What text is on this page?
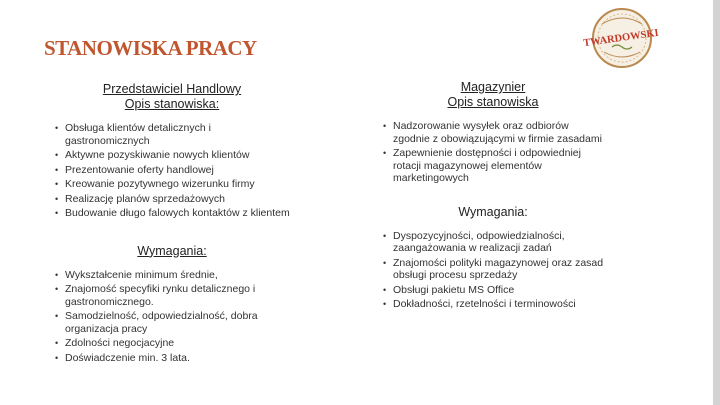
STANOWISKA PRACY	TWARDOWSKI
Przedstawiciel Handlowy
Opis stanowiska:
• Obsługa klientów detalicznych i gastronomicznych
• Aktywne pozyskiwanie nowych klientów
• Prezentowanie oferty handlowej
• Kreowanie pozytywnego wizerunku firmy
• Realizację planów sprzedażowych
• Budowanie długo falowych kontaktów z klientem
Wymagania:
• Wykształcenie minimum średnie,
• Znajomość specyfiki rynku detalicznego i gastronomicznego.
• Samodzielność, odpowiedzialność, dobra organizacja pracy
• Zdolności negocjacyjne
• Doświadczenie min. 3 lata.
Magazynier
Opis stanowiska
• Nadzorowanie wysyłek oraz odbiorów zgodnie z obowiązującymi w firmie zasadami
• Zapewnienie dostępności i odpowiedniej rotacji magazynowej elementów marketingowych
Wymagania:
• Dyspozycyjności, odpowiedzialności, zaangażowania w realizacji zadań
• Znajomości polityki magazynowej oraz zasad obsługi procesu sprzedaży
• Obsługi pakietu MS Office
• Dokładności, rzetelności i terminowości
